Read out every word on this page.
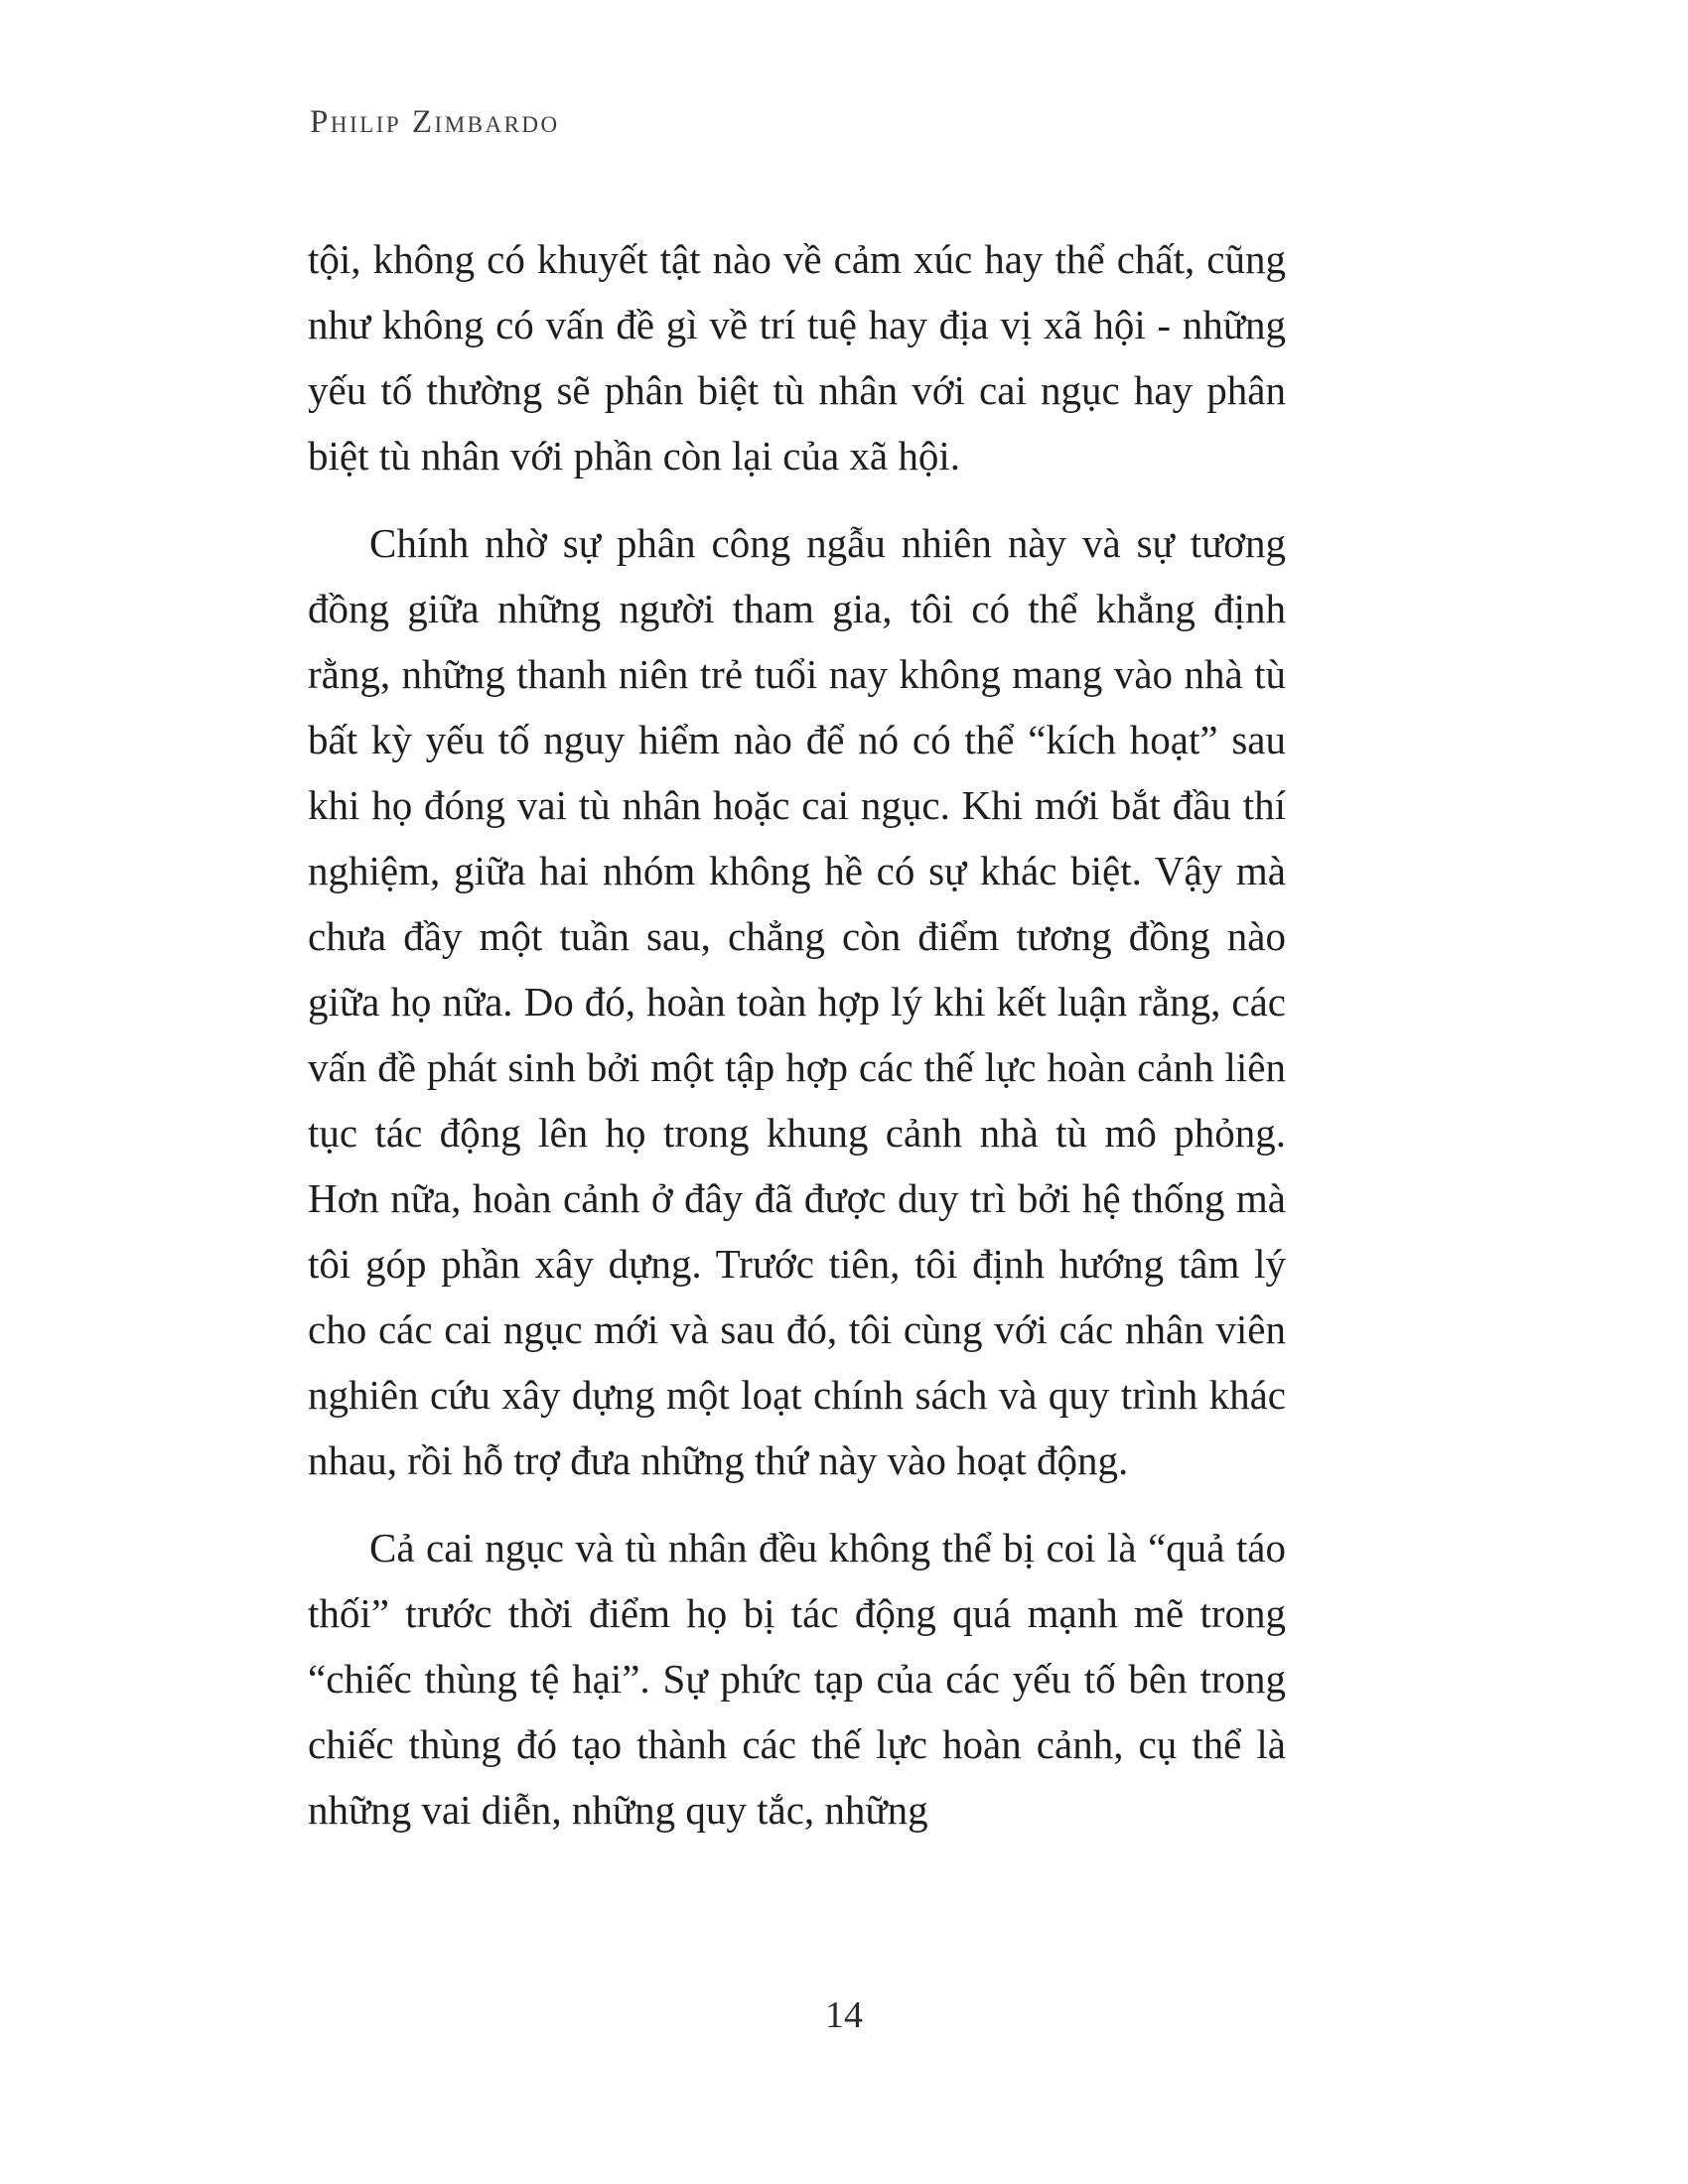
Philip Zimbardo

tội, không có khuyết tật nào về cảm xúc hay thể chất, cũng như không có vấn đề gì về trí tuệ hay địa vị xã hội - những yếu tố thường sẽ phân biệt tù nhân với cai ngục hay phân biệt tù nhân với phần còn lại của xã hội.

Chính nhờ sự phân công ngẫu nhiên này và sự tương đồng giữa những người tham gia, tôi có thể khẳng định rằng, những thanh niên trẻ tuổi nay không mang vào nhà tù bất kỳ yếu tố nguy hiểm nào để nó có thể “kích hoạt” sau khi họ đóng vai tù nhân hoặc cai ngục. Khi mới bắt đầu thí nghiệm, giữa hai nhóm không hề có sự khác biệt. Vậy mà chưa đầy một tuần sau, chẳng còn điểm tương đồng nào giữa họ nữa. Do đó, hoàn toàn hợp lý khi kết luận rằng, các vấn đề phát sinh bởi một tập hợp các thế lực hoàn cảnh liên tục tác động lên họ trong khung cảnh nhà tù mô phỏng. Hơn nữa, hoàn cảnh ở đây đã được duy trì bởi hệ thống mà tôi góp phần xây dựng. Trước tiên, tôi định hướng tâm lý cho các cai ngục mới và sau đó, tôi cùng với các nhân viên nghiên cứu xây dựng một loạt chính sách và quy trình khác nhau, rồi hỗ trợ đưa những thứ này vào hoạt động.

Cả cai ngục và tù nhân đều không thể bị coi là “quả táo thối” trước thời điểm họ bị tác động quá mạnh mẽ trong “chiếc thùng tệ hại”. Sự phức tạp của các yếu tố bên trong chiếc thùng đó tạo thành các thế lực hoàn cảnh, cụ thể là những vai diễn, những quy tắc, những

14
